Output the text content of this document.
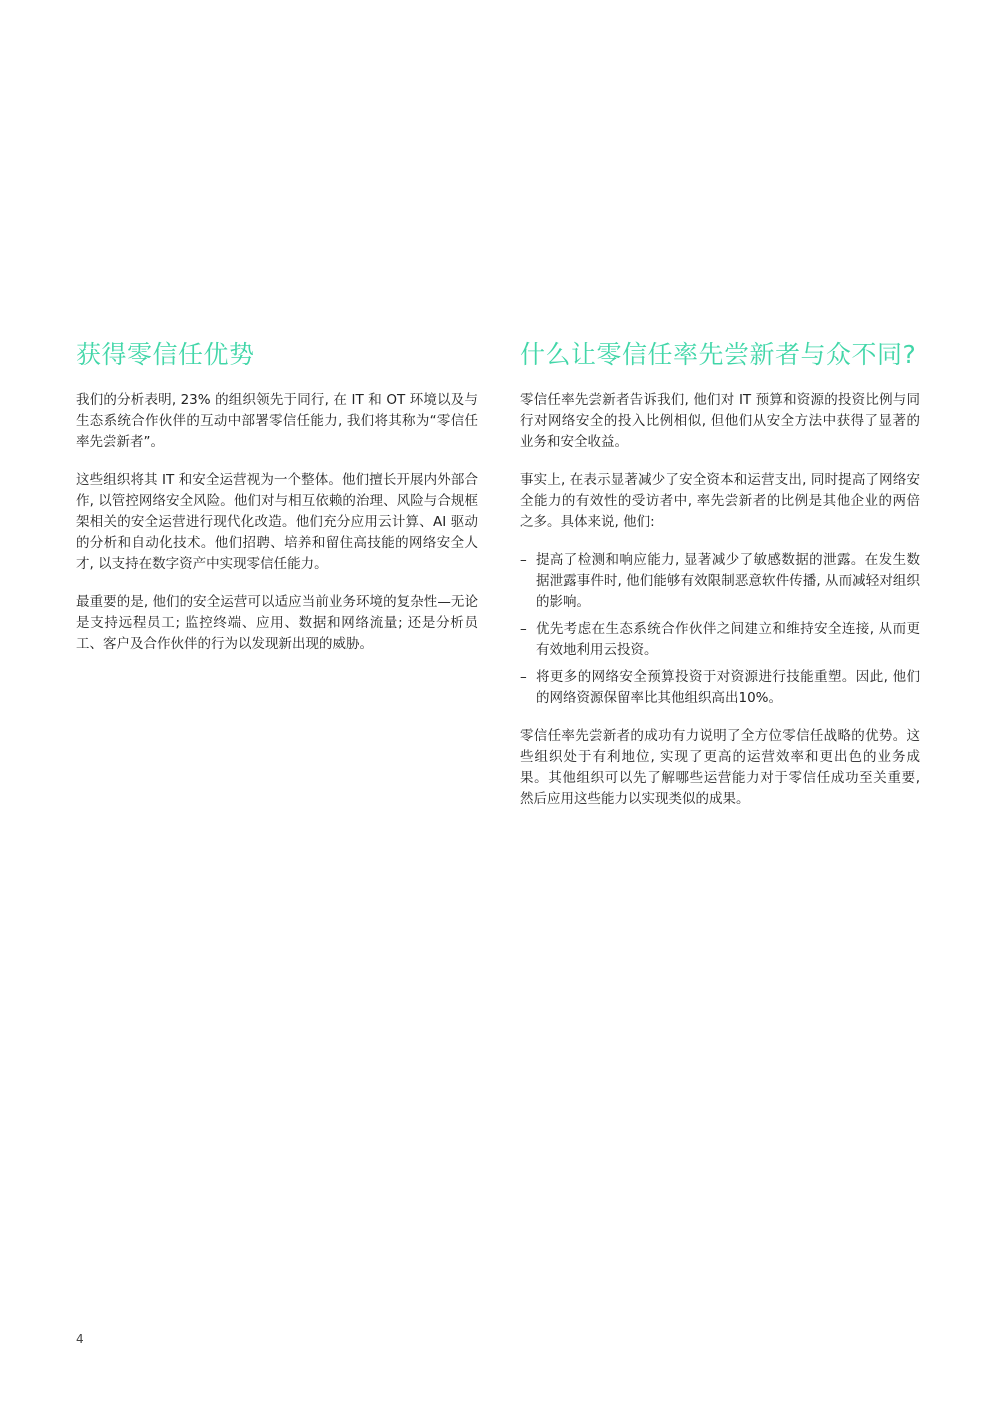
获得零信任优势

我们的分析表明, 23% 的组织领先于同行, 在 IT 和 OT 环境以及与生态系统合作伙伴的互动中部署零信任能力, 我们将其称为“零信任率先尝新者”。

这些组织将其 IT 和安全运营视为一个整体。他们擅长开展内外部合作, 以管控网络安全风险。他们对与相互依赖的治理、风险与合规框架相关的安全运营进行现代化改造。他们充分应用云计算、AI 驱动的分析和自动化技术。他们招聘、培养和留住高技能的网络安全人才, 以支持在数字资产中实现零信任能力。

最重要的是, 他们的安全运营可以适应当前业务环境的复杂性—无论是支持远程员工; 监控终端、应用、数据和网络流量; 还是分析员工、客户及合作伙伴的行为以发现新出现的威胁。

什么让零信任率先尝新者与众不同?

零信任率先尝新者告诉我们, 他们对 IT 预算和资源的投资比例与同行对网络安全的投入比例相似, 但他们从安全方法中获得了显著的业务和安全收益。

事实上, 在表示显著减少了安全资本和运营支出, 同时提高了网络安全能力的有效性的受访者中, 率先尝新者的比例是其他企业的两倍之多。具体来说, 他们:

– 提高了检测和响应能力, 显著减少了敏感数据的泄露。在发生数据泄露事件时, 他们能够有效限制恶意软件传播, 从而减轻对组织的影响。
– 优先考虑在生态系统合作伙伴之间建立和维持安全连接, 从而更有效地利用云投资。
– 将更多的网络安全预算投资于对资源进行技能重塑。因此, 他们的网络资源保留率比其他组织高出10%。

零信任率先尝新者的成功有力说明了全方位零信任战略的优势。这些组织处于有利地位, 实现了更高的运营效率和更出色的业务成果。其他组织可以先了解哪些运营能力对于零信任成功至关重要, 然后应用这些能力以实现类似的成果。

4
